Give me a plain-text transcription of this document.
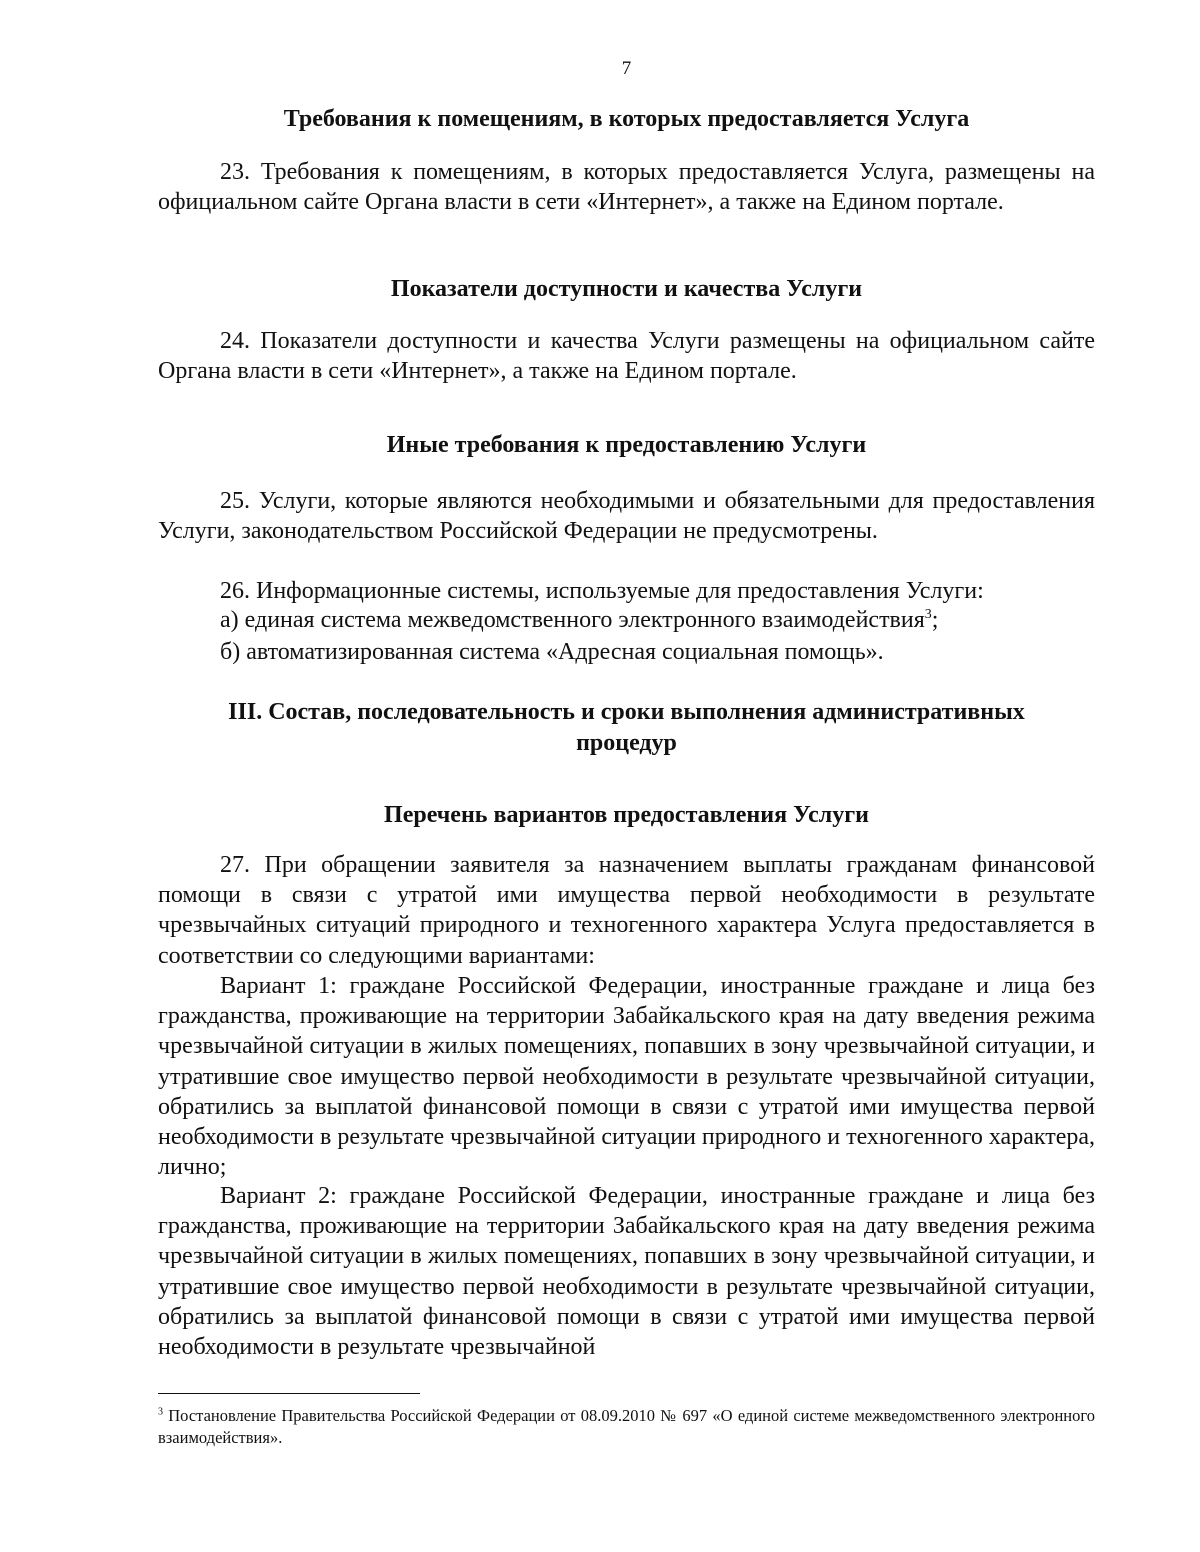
7
Требования к помещениям, в которых предоставляется Услуга

23. Требования к помещениям, в которых предоставляется Услуга, размещены на официальном сайте Органа власти в сети «Интернет», а также на Едином портале.

Показатели доступности и качества Услуги

24. Показатели доступности и качества Услуги размещены на официальном сайте Органа власти в сети «Интернет», а также на Едином портале.

Иные требования к предоставлению Услуги

25. Услуги, которые являются необходимыми и обязательными для предоставления Услуги, законодательством Российской Федерации не предусмотрены.

26. Информационные системы, используемые для предоставления Услуги:
а) единая система межведомственного электронного взаимодействия$^3$;
б) автоматизированная система «Адресная социальная помощь».
III. Состав, последовательность и сроки выполнения административных
процедур
Перечень вариантов предоставления Услуги

27. При обращении заявителя за назначением выплаты гражданам финансовой помощи в связи с утратой ими имущества первой необходимости в результате чрезвычайных ситуаций природного и техногенного характера Услуга предоставляется в соответствии со следующими вариантами:

Вариант 1: граждане Российской Федерации, иностранные граждане и лица без гражданства, проживающие на территории Забайкальского края на дату введения режима чрезвычайной ситуации в жилых помещениях, попавших в зону чрезвычайной ситуации, и утратившие свое имущество первой необходимости в результате чрезвычайной ситуации, обратились за выплатой финансовой помощи в связи с утратой ими имущества первой необходимости в результате чрезвычайной ситуации природного и техногенного характера, лично;

Вариант 2: граждане Российской Федерации, иностранные граждане и лица без гражданства, проживающие на территории Забайкальского края на дату введения режима чрезвычайной ситуации в жилых помещениях, попавших в зону чрезвычайной ситуации, и утратившие свое имущество первой необходимости в результате чрезвычайной ситуации, обратились за выплатой финансовой помощи в связи с утратой ими имущества первой необходимости в результате чрезвычайной

$^3$ Постановление Правительства Российской Федерации от 08.09.2010 № 697 «О единой системе межведомственного электронного взаимодействия».
